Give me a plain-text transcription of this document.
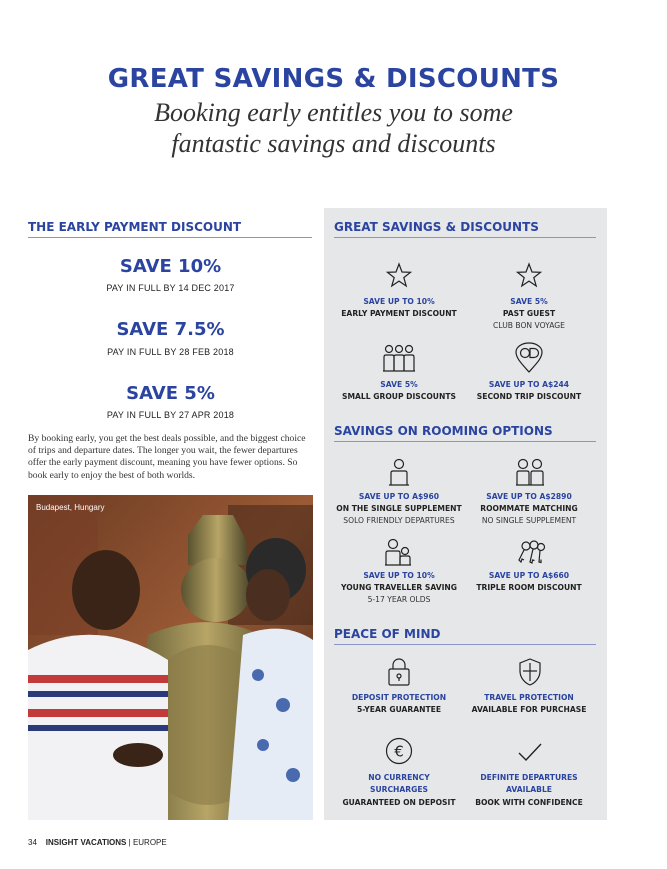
GREAT SAVINGS & DISCOUNTS
Booking early entitles you to some
fantastic savings and discounts
THE EARLY PAYMENT DISCOUNT
SAVE 10%
PAY IN FULL BY 14 DEC 2017
SAVE 7.5%
PAY IN FULL BY 28 FEB 2018
SAVE 5%
PAY IN FULL BY 27 APR 2018
By booking early, you get the best deals possible, and the biggest choice of trips and departure dates. The longer you wait, the fewer departures offer the early payment discount, meaning you have fewer options. So book early to enjoy the best of both worlds.
Budapest, Hungary
GREAT SAVINGS & DISCOUNTS
SAVE UP TO 10%
EARLY PAYMENT DISCOUNT
SAVE 5%
PAST GUEST
CLUB BON VOYAGE
SAVE 5%
SMALL GROUP DISCOUNTS
SAVE UP TO A$244
SECOND TRIP DISCOUNT
SAVINGS ON ROOMING OPTIONS
SAVE UP TO A$960
ON THE SINGLE SUPPLEMENT
SOLO FRIENDLY DEPARTURES
SAVE UP TO A$2890
ROOMMATE MATCHING
NO SINGLE SUPPLEMENT
SAVE UP TO 10%
YOUNG TRAVELLER SAVING
5-17 YEAR OLDS
SAVE UP TO A$660
TRIPLE ROOM DISCOUNT
PEACE OF MIND
DEPOSIT PROTECTION
5-YEAR GUARANTEE
TRAVEL PROTECTION
AVAILABLE FOR PURCHASE
€
NO CURRENCY
SURCHARGES
GUARANTEED ON DEPOSIT
DEFINITE DEPARTURES
AVAILABLE
BOOK WITH CONFIDENCE
34 INSIGHT VACATIONS | EUROPE
